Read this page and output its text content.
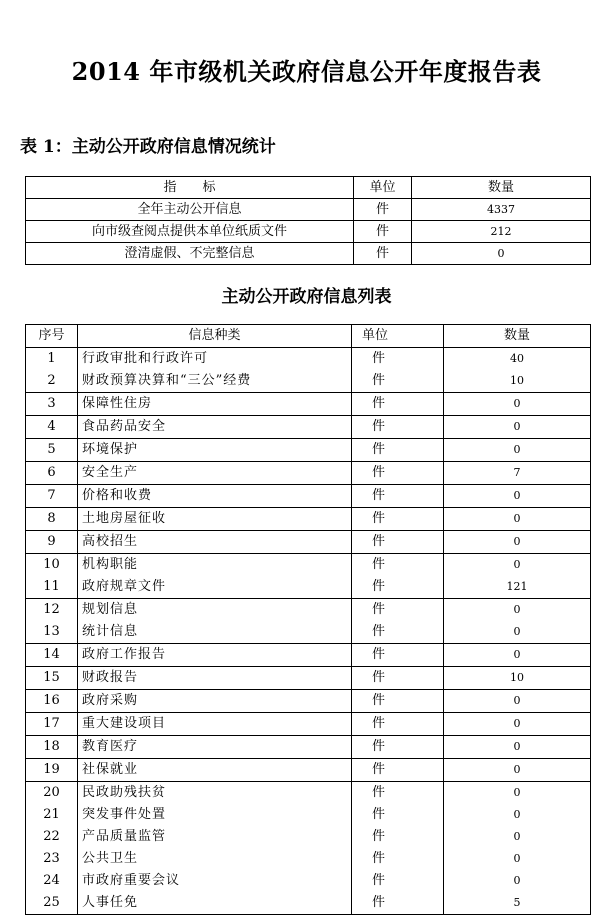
2014 年市级机关政府信息公开年度报告表
表 1：主动公开政府信息情况统计
指　　标	单位	数量
全年主动公开信息	件	4337
向市级查阅点提供本单位纸质文件	件	212
澄清虚假、不完整信息	件	0
主动公开政府信息列表
序号	信息种类	单位	数量
1	行政审批和行政许可	件	40
2	财政预算决算和“三公”经费	件	10
3	保障性住房	件	0
4	食品药品安全	件	0
5	环境保护	件	0
6	安全生产	件	7
7	价格和收费	件	0
8	土地房屋征收	件	0
9	高校招生	件	0
10	机构职能	件	0
11	政府规章文件	件	121
12	规划信息	件	0
13	统计信息	件	0
14	政府工作报告	件	0
15	财政报告	件	10
16	政府采购	件	0
17	重大建设项目	件	0
18	教育医疗	件	0
19	社保就业	件	0
20	民政助残扶贫	件	0
21	突发事件处置	件	0
22	产品质量监管	件	0
23	公共卫生	件	0
24	市政府重要会议	件	0
25	人事任免	件	5
